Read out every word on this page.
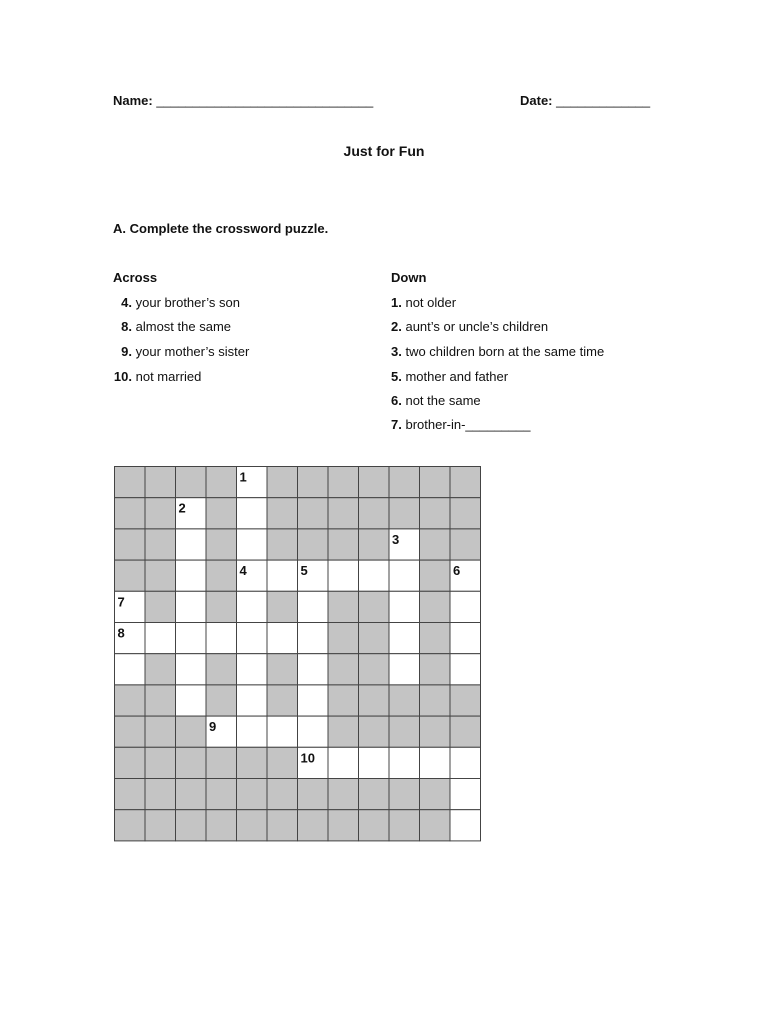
Name: ______________________________	Date: _____________
Just for Fun
A. Complete the crossword puzzle.
Across
4. your brother’s son
8. almost the same
9. your mother’s sister
10. not married
Down
1. not older
2. aunt’s or uncle’s children
3. two children born at the same time
5. mother and father
6. not the same
7. brother-in-_________
1
2
3
4	5	6
7
8
9
10
